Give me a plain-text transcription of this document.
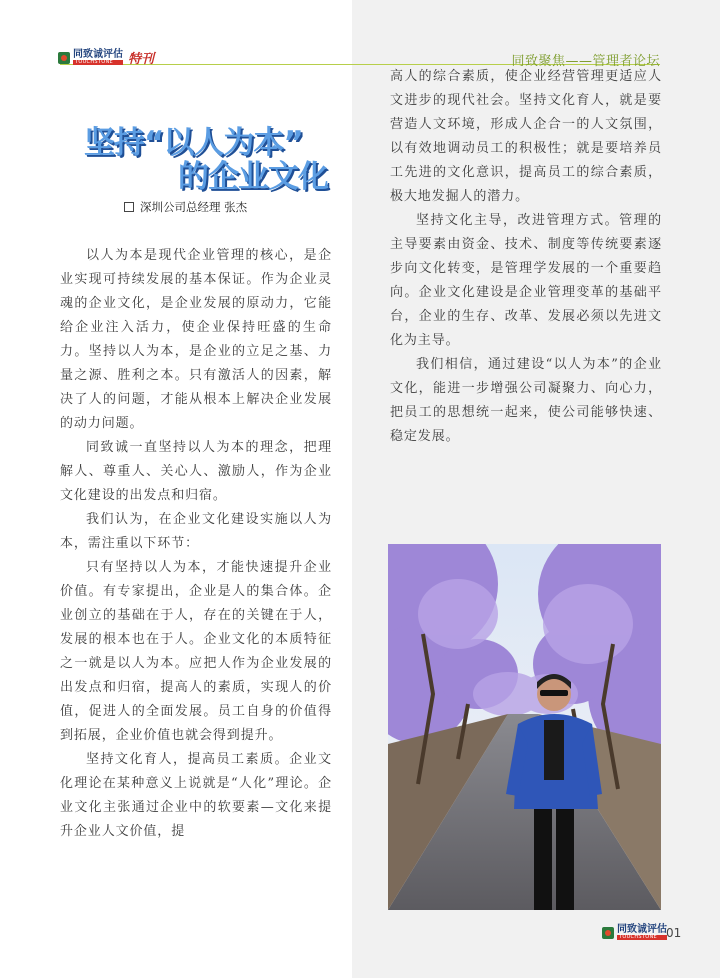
同致诚评估
TOUCHSTONE	特刊	同致聚焦——管理者论坛
坚持“以人为本”
的企业文化
深圳公司总经理 张杰

以人为本是现代企业管理的核心，是企业实现可持续发展的基本保证。作为企业灵魂的企业文化，是企业发展的原动力，它能给企业注入活力，使企业保持旺盛的生命力。坚持以人为本，是企业的立足之基、力量之源、胜利之本。只有激活人的因素，解决了人的问题，才能从根本上解决企业发展的动力问题。

同致诚一直坚持以人为本的理念，把理解人、尊重人、关心人、激励人，作为企业文化建设的出发点和归宿。

我们认为，在企业文化建设实施以人为本，需注重以下环节：

只有坚持以人为本，才能快速提升企业价值。有专家提出，企业是人的集合体。企业创立的基础在于人，存在的关键在于人，发展的根本也在于人。企业文化的本质特征之一就是以人为本。应把人作为企业发展的出发点和归宿，提高人的素质，实现人的价值，促进人的全面发展。员工自身的价值得到拓展，企业价值也就会得到提升。

坚持文化育人，提高员工素质。企业文化理论在某种意义上说就是“人化”理论。企业文化主张通过企业中的软要素—文化来提升企业人文价值，提

高人的综合素质，使企业经营管理更适应人文进步的现代社会。坚持文化育人，就是要营造人文环境，形成人企合一的人文氛围，以有效地调动员工的积极性；就是要培养员工先进的文化意识，提高员工的综合素质，极大地发掘人的潜力。

坚持文化主导，改进管理方式。管理的主导要素由资金、技术、制度等传统要素逐步向文化转变，是管理学发展的一个重要趋向。企业文化建设是企业管理变革的基础平台，企业的生存、改革、发展必须以先进文化为主导。

我们相信，通过建设“以人为本”的企业文化，能进一步增强公司凝聚力、向心力，把员工的思想统一起来，使公司能够快速、稳定发展。

同致诚评估
TOUCHSTONE 01
